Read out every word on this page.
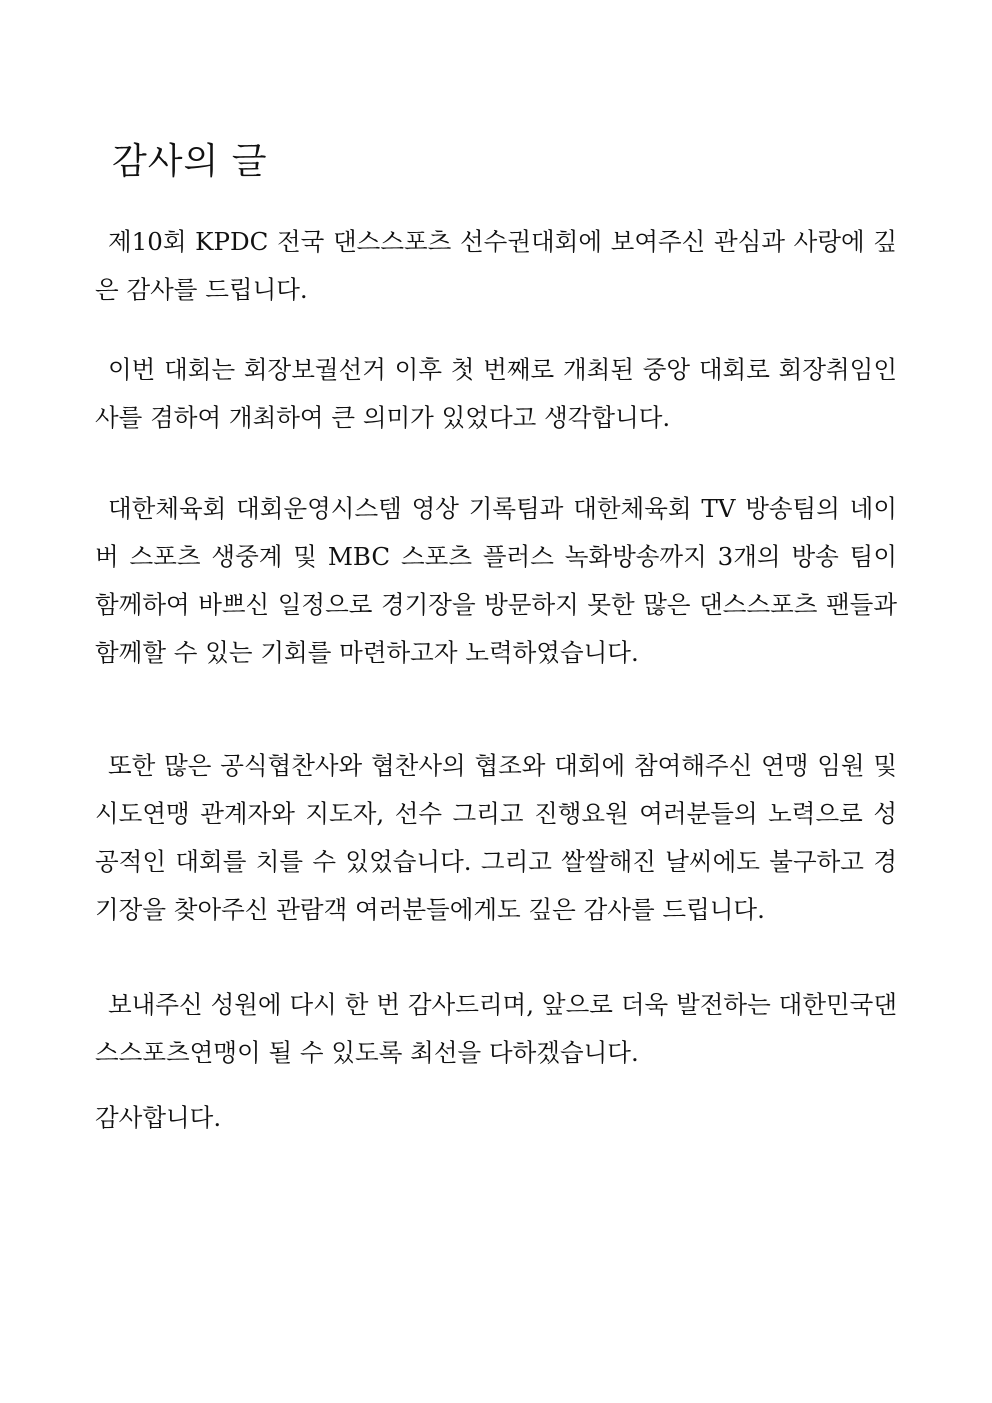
감사의 글

제10회 KPDC 전국 댄스스포츠 선수권대회에 보여주신 관심과 사랑에 깊은 감사를 드립니다.

이번 대회는 회장보궐선거 이후 첫 번째로 개최된 중앙 대회로 회장취임인사를 겸하여 개최하여 큰 의미가 있었다고 생각합니다.

대한체육회 대회운영시스템 영상 기록팀과 대한체육회 TV 방송팀의 네이버 스포츠 생중계 및 MBC 스포츠 플러스 녹화방송까지 3개의 방송 팀이 함께하여 바쁘신 일정으로 경기장을 방문하지 못한 많은 댄스스포츠 팬들과 함께할 수 있는 기회를 마련하고자 노력하였습니다.

또한 많은 공식협찬사와 협찬사의 협조와 대회에 참여해주신 연맹 임원 및 시도연맹 관계자와 지도자, 선수 그리고 진행요원 여러분들의 노력으로 성공적인 대회를 치를 수 있었습니다. 그리고 쌀쌀해진 날씨에도 불구하고 경기장을 찾아주신 관람객 여러분들에게도 깊은 감사를 드립니다.

보내주신 성원에 다시 한 번 감사드리며, 앞으로 더욱 발전하는 대한민국댄스스포츠연맹이 될 수 있도록 최선을 다하겠습니다.

감사합니다.
